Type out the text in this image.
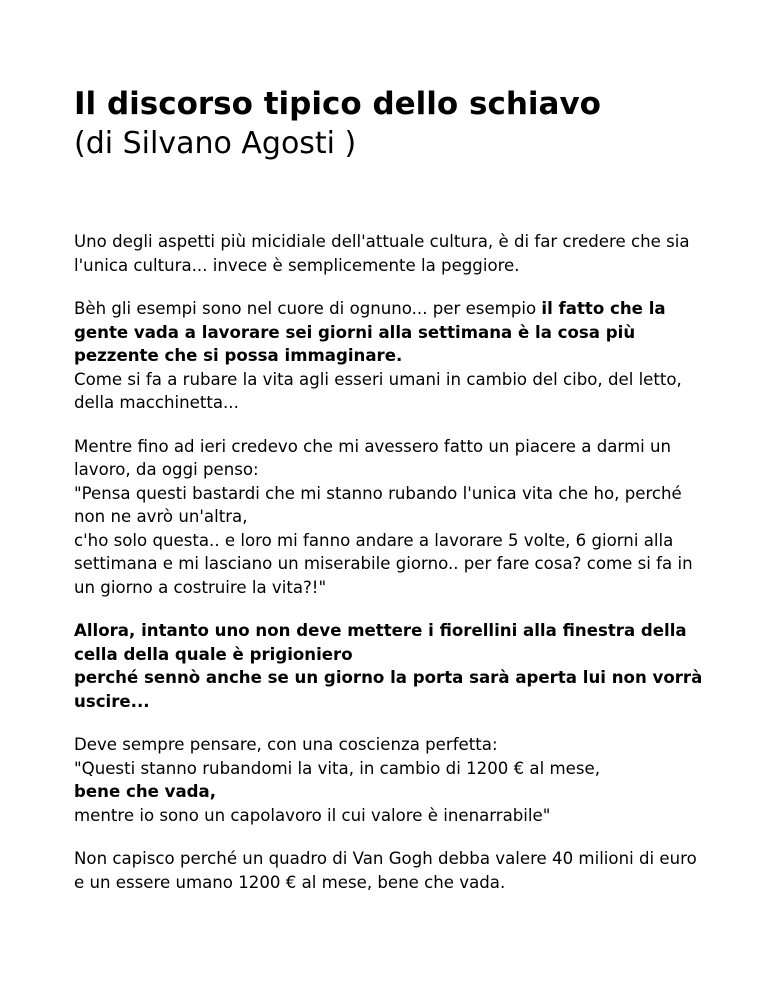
Il discorso tipico dello schiavo

(di Silvano Agosti )

Uno degli aspetti più micidiale dell'attuale cultura, è di far credere che sia l'unica cultura... invece è semplicemente la peggiore.

Bèh gli esempi sono nel cuore di ognuno... per esempio il fatto che la gente vada a lavorare sei giorni alla settimana è la cosa più pezzente che si possa immaginare.
Come si fa a rubare la vita agli esseri umani in cambio del cibo, del letto, della macchinetta...

Mentre fino ad ieri credevo che mi avessero fatto un piacere a darmi un lavoro, da oggi penso:
"Pensa questi bastardi che mi stanno rubando l'unica vita che ho, perché non ne avrò un'altra,
c'ho solo questa.. e loro mi fanno andare a lavorare 5 volte, 6 giorni alla settimana e mi lasciano un miserabile giorno.. per fare cosa? come si fa in un giorno a costruire la vita?!"

Allora, intanto uno non deve mettere i fiorellini alla finestra della cella della quale è prigioniero
perché sennò anche se un giorno la porta sarà aperta lui non vorrà uscire...

Deve sempre pensare, con una coscienza perfetta:
"Questi stanno rubandomi la vita, in cambio di 1200 € al mese,
bene che vada,
mentre io sono un capolavoro il cui valore è inenarrabile"

Non capisco perché un quadro di Van Gogh debba valere 40 milioni di euro e un essere umano 1200 € al mese, bene che vada.
